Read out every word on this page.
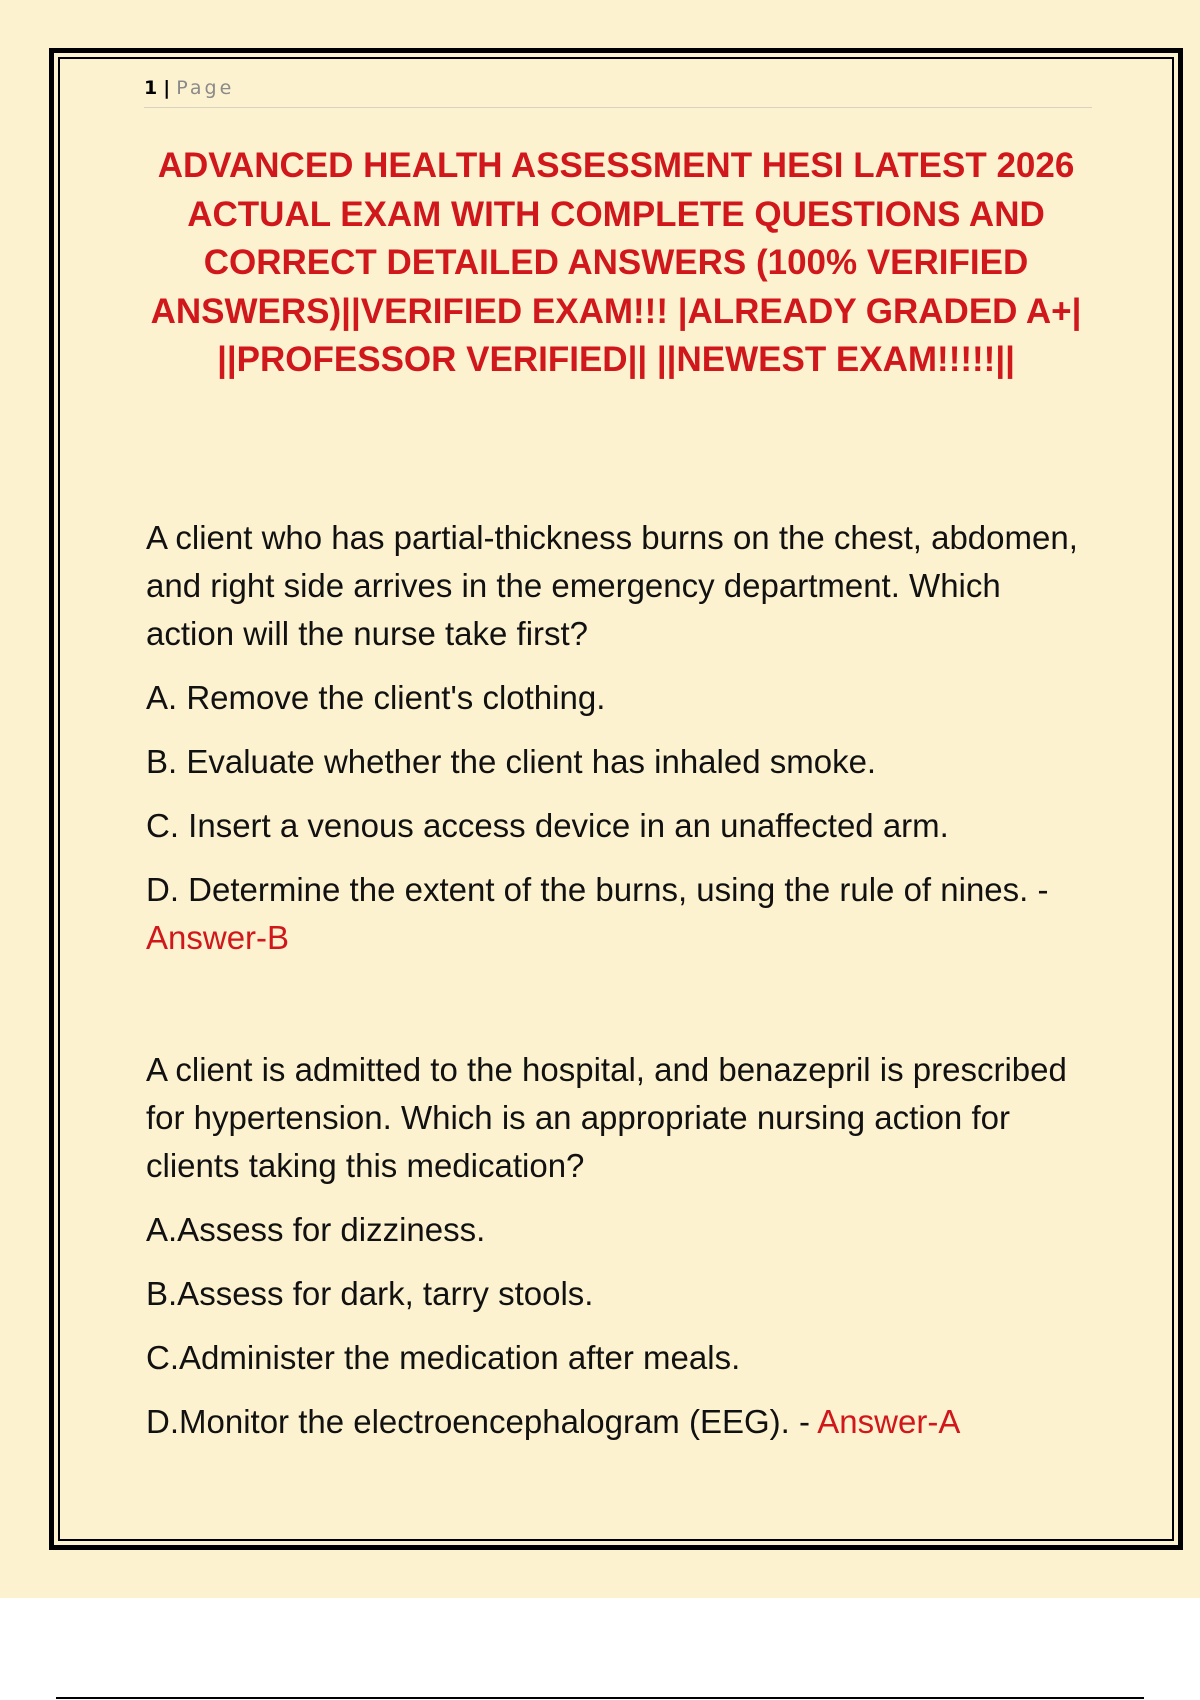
1 | Page
ADVANCED HEALTH ASSESSMENT HESI LATEST 2026 ACTUAL EXAM WITH COMPLETE QUESTIONS AND CORRECT DETAILED ANSWERS (100% VERIFIED ANSWERS)||VERIFIED EXAM!!! |ALREADY GRADED A+| ||PROFESSOR VERIFIED|| ||NEWEST EXAM!!!!!||

A client who has partial-thickness burns on the chest, abdomen, and right side arrives in the emergency department. Which action will the nurse take first?

A. Remove the client's clothing.

B. Evaluate whether the client has inhaled smoke.

C. Insert a venous access device in an unaffected arm.

D. Determine the extent of the burns, using the rule of nines. - Answer-B

A client is admitted to the hospital, and benazepril is prescribed for hypertension. Which is an appropriate nursing action for clients taking this medication?

A.Assess for dizziness.

B.Assess for dark, tarry stools.

C.Administer the medication after meals.

D.Monitor the electroencephalogram (EEG). - Answer-A
